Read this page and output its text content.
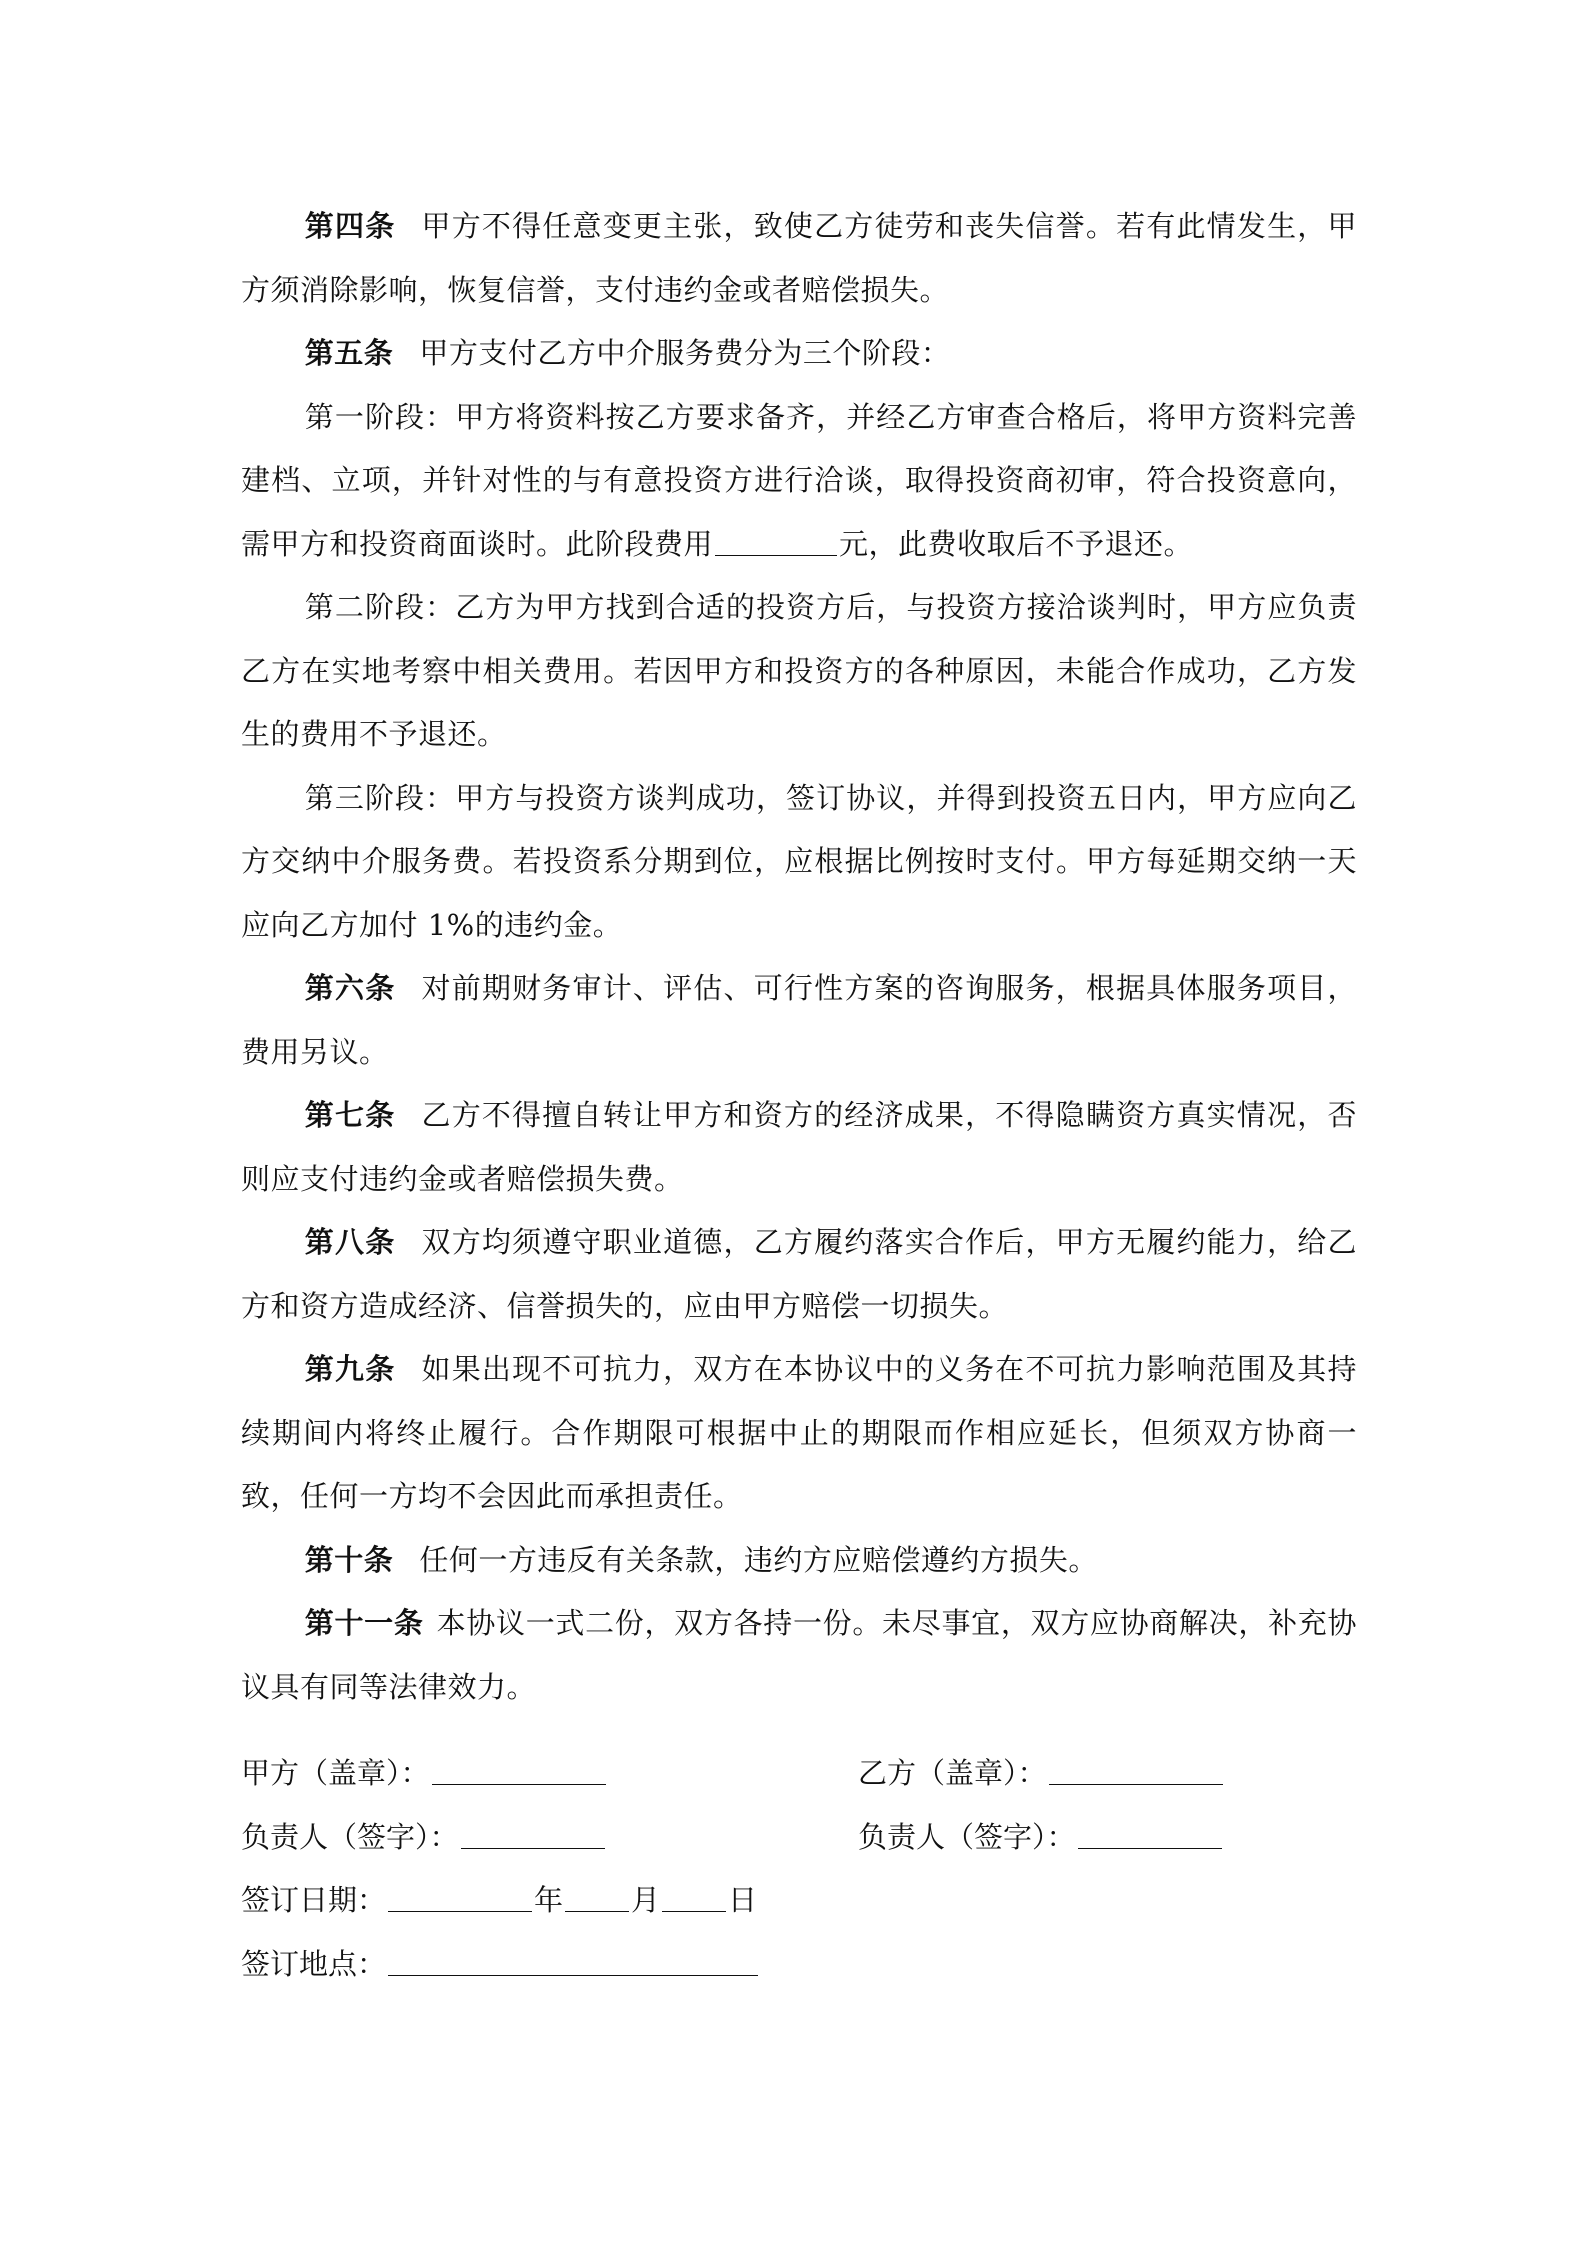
第四条 甲方不得任意变更主张，致使乙方徒劳和丧失信誉。若有此情发生，甲方须消除影响，恢复信誉，支付违约金或者赔偿损失。

第五条 甲方支付乙方中介服务费分为三个阶段：

第一阶段：甲方将资料按乙方要求备齐，并经乙方审查合格后，将甲方资料完善建档、立项，并针对性的与有意投资方进行洽谈，取得投资商初审，符合投资意向，需甲方和投资商面谈时。此阶段费用	元，此费收取后不予退还。

第二阶段：乙方为甲方找到合适的投资方后，与投资方接洽谈判时，甲方应负责乙方在实地考察中相关费用。若因甲方和投资方的各种原因，未能合作成功，乙方发生的费用不予退还。

第三阶段：甲方与投资方谈判成功，签订协议，并得到投资五日内，甲方应向乙方交纳中介服务费。若投资系分期到位，应根据比例按时支付。甲方每延期交纳一天应向乙方加付 1%的违约金。

第六条 对前期财务审计、评估、可行性方案的咨询服务，根据具体服务项目，费用另议。

第七条 乙方不得擅自转让甲方和资方的经济成果，不得隐瞒资方真实情况，否则应支付违约金或者赔偿损失费。

第八条 双方均须遵守职业道德，乙方履约落实合作后，甲方无履约能力，给乙方和资方造成经济、信誉损失的，应由甲方赔偿一切损失。

第九条 如果出现不可抗力，双方在本协议中的义务在不可抗力影响范围及其持续期间内将终止履行。合作期限可根据中止的期限而作相应延长，但须双方协商一致，任何一方均不会因此而承担责任。

第十条 任何一方违反有关条款，违约方应赔偿遵约方损失。

第十一条 本协议一式二份，双方各持一份。未尽事宜，双方应协商解决，补充协议具有同等法律效力。

甲方（盖章）：	乙方（盖章）：
负责人（签字）：	负责人（签字）：
签订日期：	年 月 日
签订地点：
